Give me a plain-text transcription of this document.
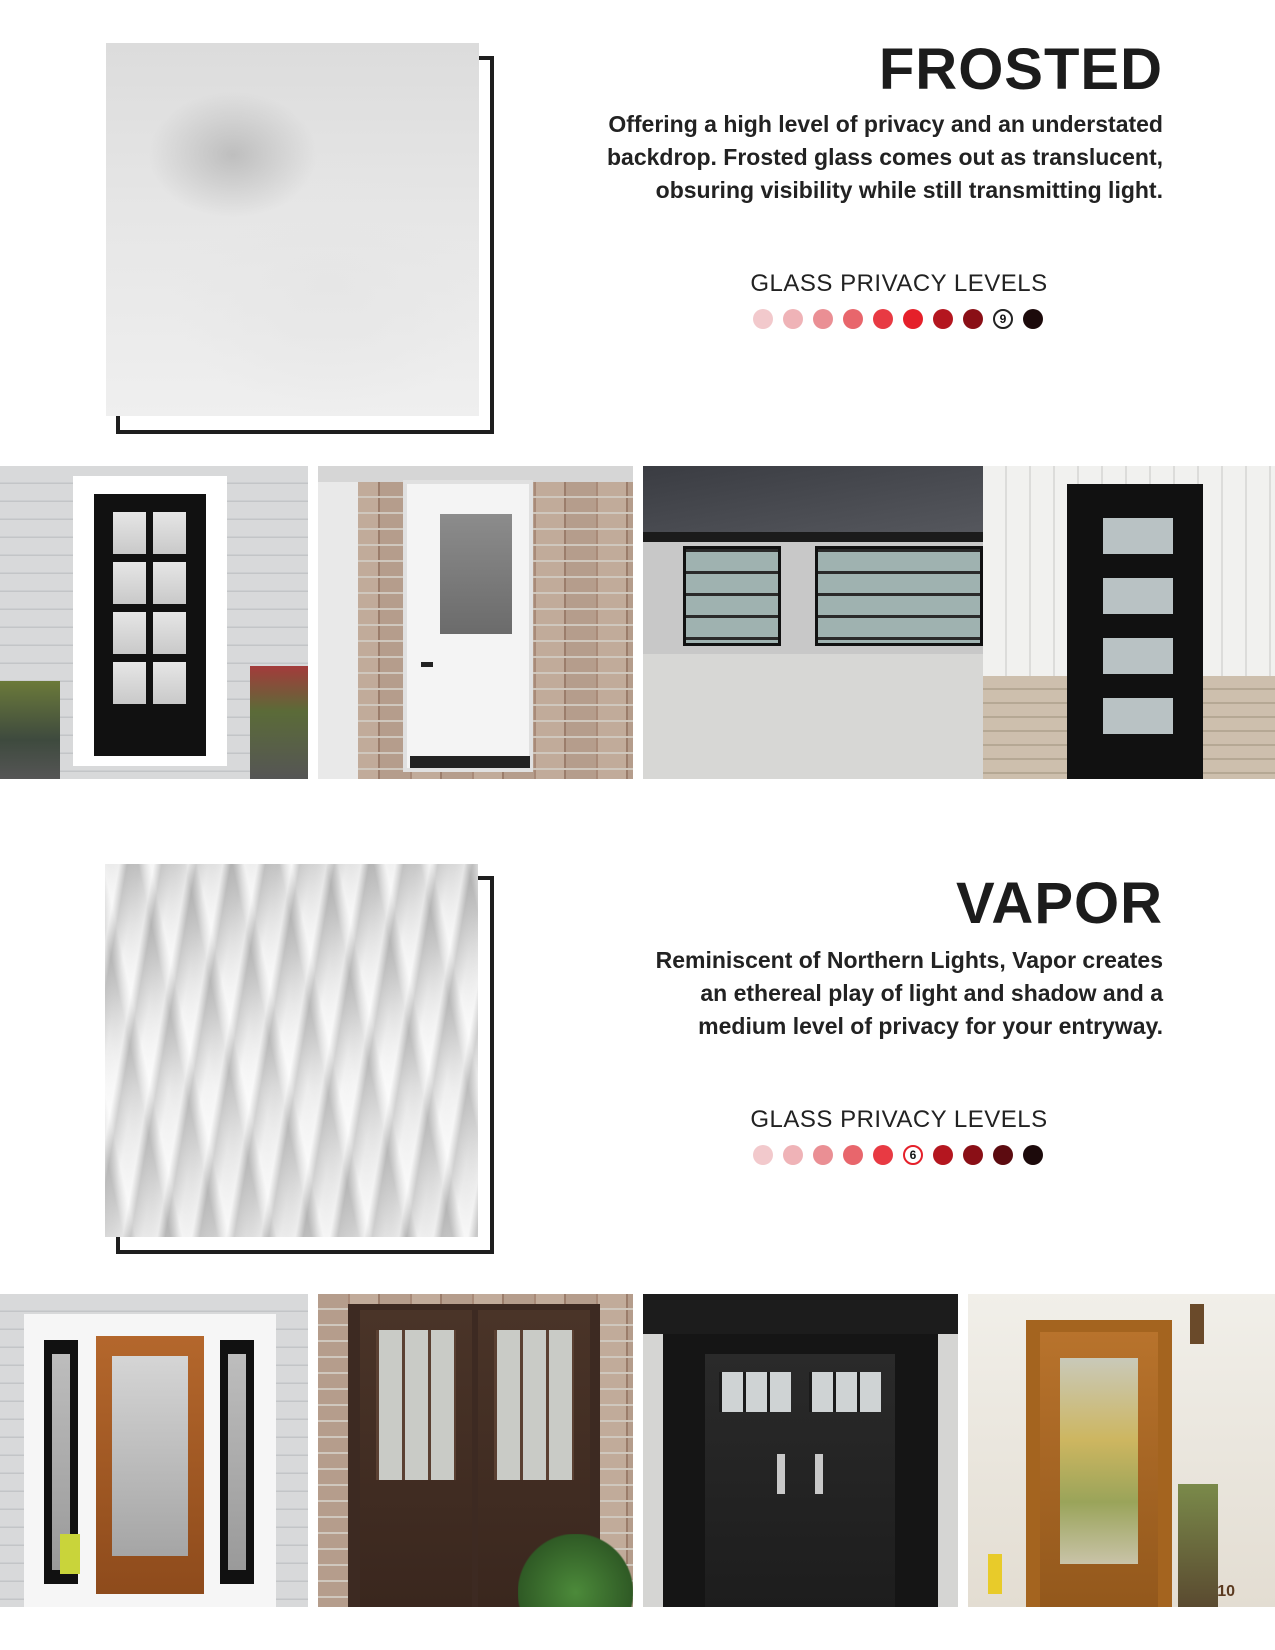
FROSTED

Offering a high level of privacy and an understated
backdrop. Frosted glass comes out as translucent,
obsuring visibility while still transmitting light.

GLASS PRIVACY LEVELS

9
VAPOR

Reminiscent of Northern Lights, Vapor creates
an ethereal play of light and shadow and a
medium level of privacy for your entryway.

GLASS PRIVACY LEVELS

6
10
